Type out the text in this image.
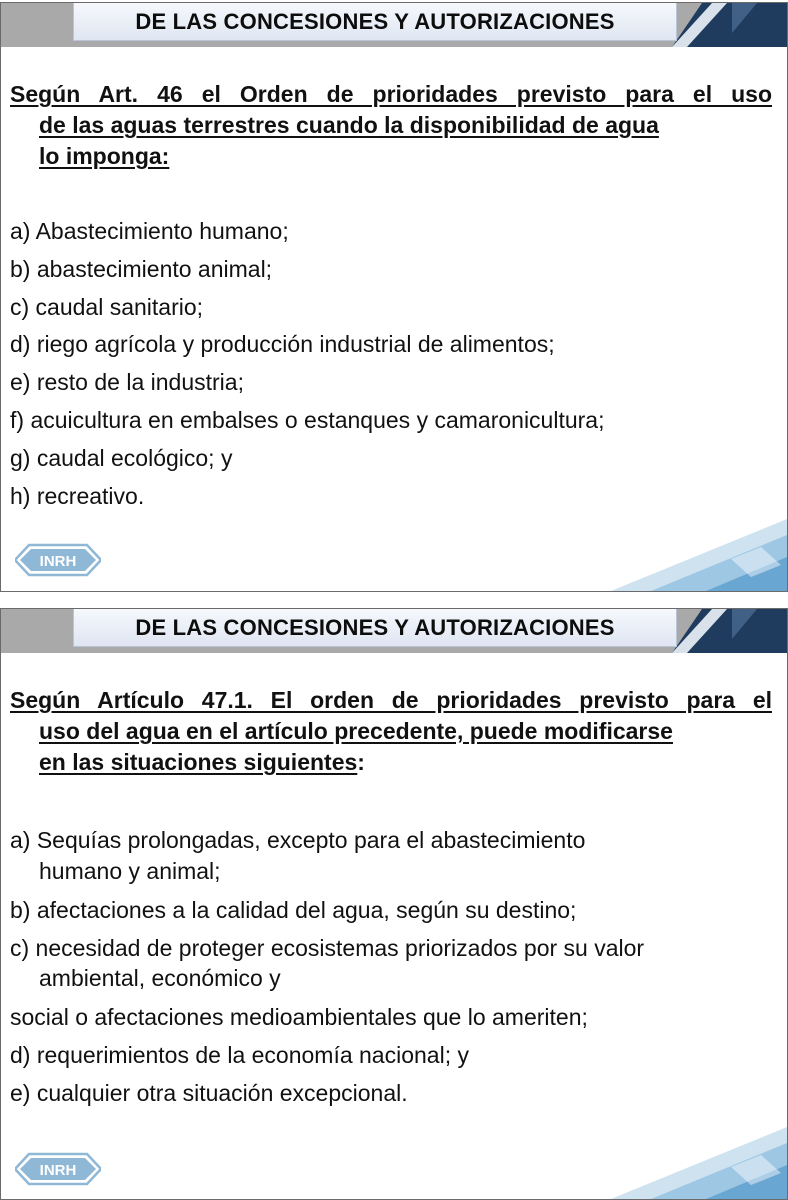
DE LAS CONCESIONES Y AUTORIZACIONES
Según Art. 46 el Orden de prioridades previsto para el uso
de las aguas terrestres cuando la disponibilidad de agua
lo imponga:
a) Abastecimiento humano;
b) abastecimiento animal;
c) caudal sanitario;
d) riego agrícola y producción industrial de alimentos;
e) resto de la industria;
f) acuicultura en embalses o estanques y camaronicultura;
g) caudal ecológico; y
h) recreativo.
INRH
DE LAS CONCESIONES Y AUTORIZACIONES
Según Artículo 47.1. El orden de prioridades previsto para el
uso del agua en el artículo precedente, puede modificarse
en las situaciones siguientes:
a) Sequías prolongadas, excepto para el abastecimiento
humano y animal;
b) afectaciones a la calidad del agua, según su destino;
c) necesidad de proteger ecosistemas priorizados por su valor
ambiental, económico y
social o afectaciones medioambientales que lo ameriten;
d) requerimientos de la economía nacional; y
e) cualquier otra situación excepcional.
INRH
